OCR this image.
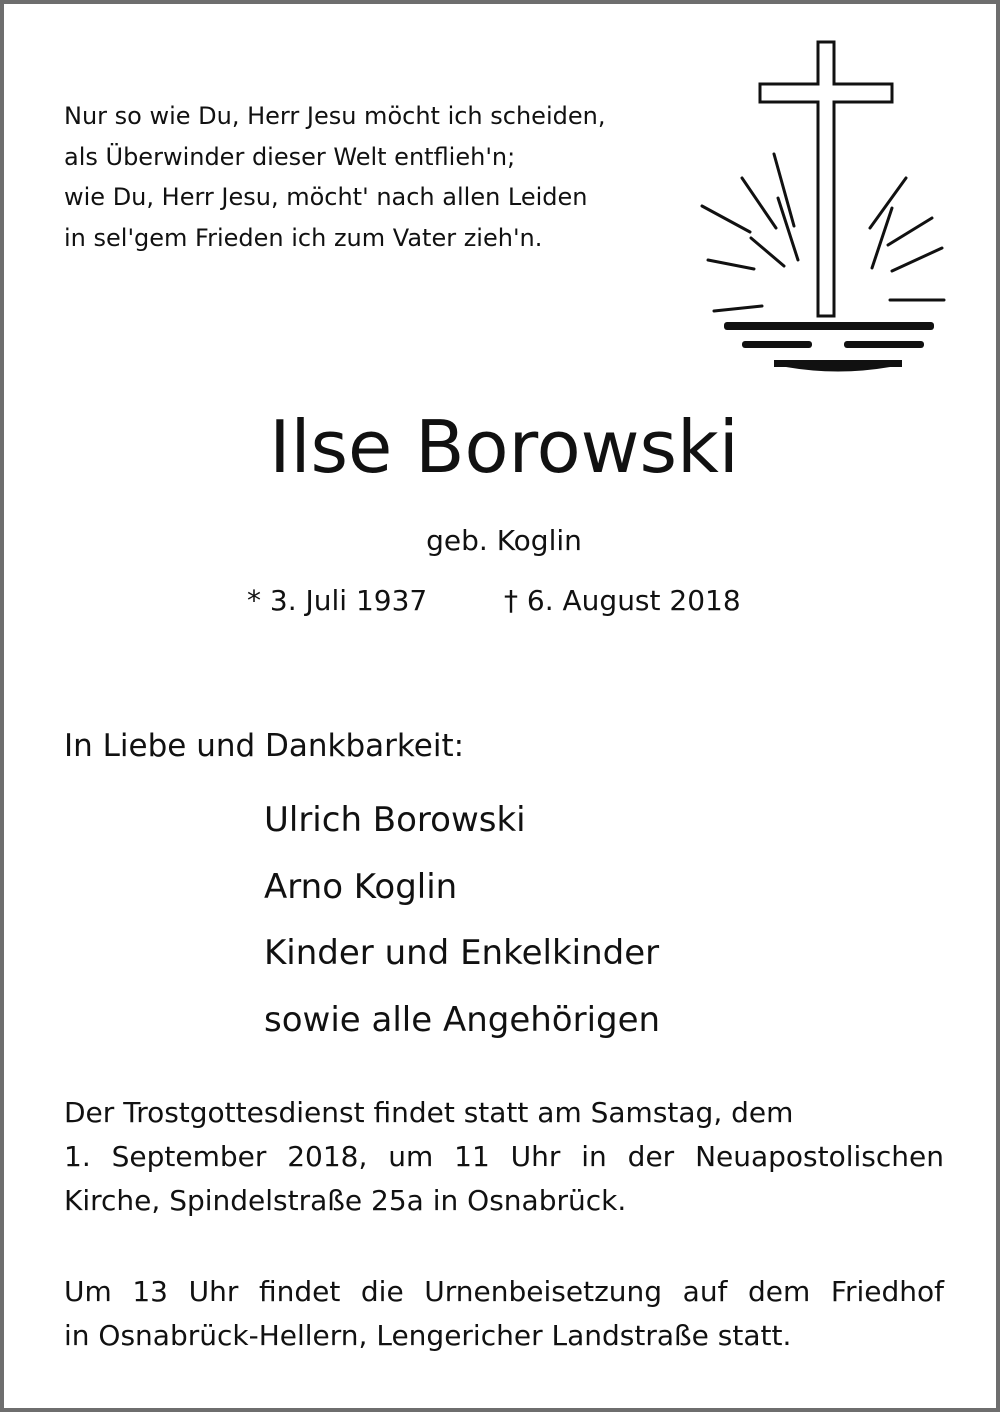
Nur so wie Du, Herr Jesu möcht ich scheiden,
als Überwinder dieser Welt entflieh'n;
wie Du, Herr Jesu, möcht' nach allen Leiden
in sel'gem Frieden ich zum Vater zieh'n.
Ilse Borowski
geb. Koglin
* 3. Juli 1937	† 6. August 2018
In Liebe und Dankbarkeit:
Ulrich Borowski
Arno Koglin
Kinder und Enkelkinder
sowie alle Angehörigen
Der Trostgottesdienst findet statt am Samstag, dem
1. September 2018, um 11 Uhr in der Neuapostolischen
Kirche, Spindelstraße 25a in Osnabrück.
Um 13 Uhr findet die Urnenbeisetzung auf dem Friedhof
in Osnabrück-Hellern, Lengericher Landstraße statt.
